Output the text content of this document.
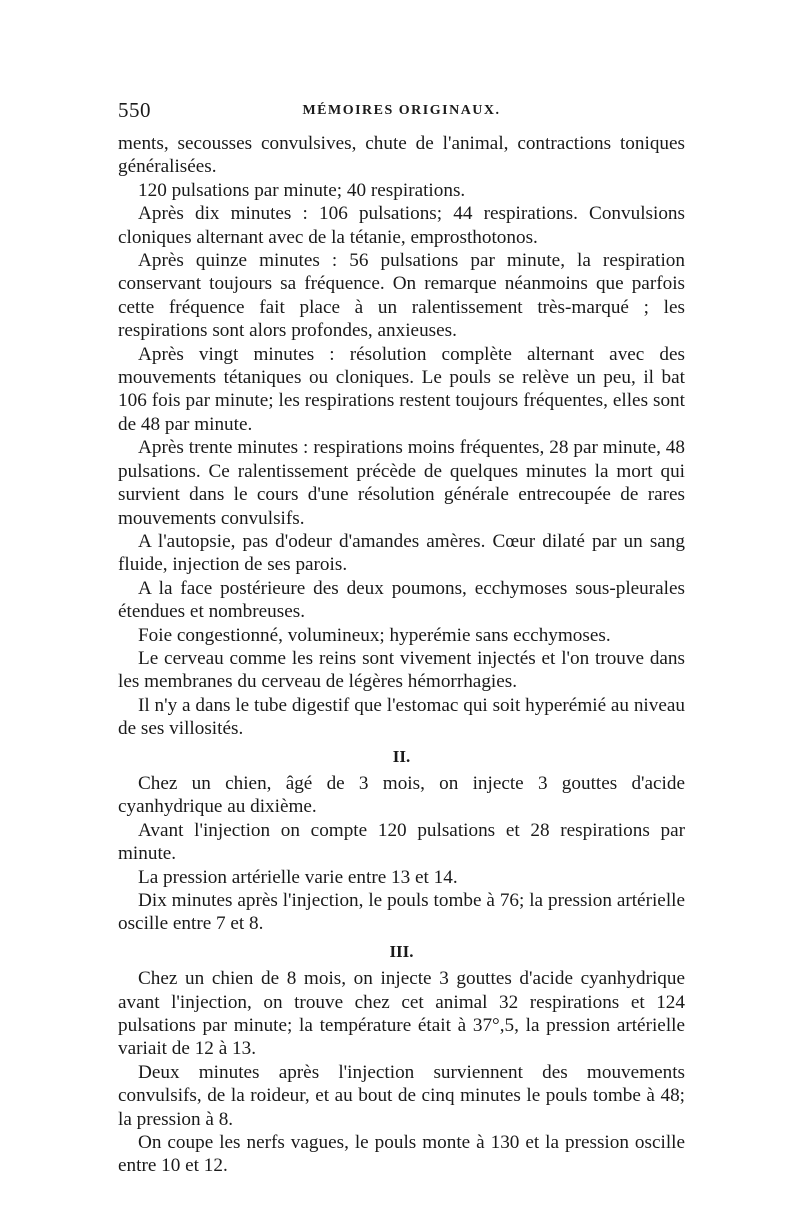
550	MÉMOIRES ORIGINAUX.

ments, secousses convulsives, chute de l'animal, contractions toniques généralisées.

120 pulsations par minute; 40 respirations.

Après dix minutes : 106 pulsations; 44 respirations. Convulsions cloniques alternant avec de la tétanie, emprosthotonos.

Après quinze minutes : 56 pulsations par minute, la respiration conservant toujours sa fréquence. On remarque néanmoins que parfois cette fréquence fait place à un ralentissement très-marqué ; les respirations sont alors profondes, anxieuses.

Après vingt minutes : résolution complète alternant avec des mouvements tétaniques ou cloniques. Le pouls se relève un peu, il bat 106 fois par minute; les respirations restent toujours fréquentes, elles sont de 48 par minute.

Après trente minutes : respirations moins fréquentes, 28 par minute, 48 pulsations. Ce ralentissement précède de quelques minutes la mort qui survient dans le cours d'une résolution générale entrecoupée de rares mouvements convulsifs.

A l'autopsie, pas d'odeur d'amandes amères. Cœur dilaté par un sang fluide, injection de ses parois.

A la face postérieure des deux poumons, ecchymoses sous-pleurales étendues et nombreuses.

Foie congestionné, volumineux; hyperémie sans ecchymoses.

Le cerveau comme les reins sont vivement injectés et l'on trouve dans les membranes du cerveau de légères hémorrhagies.

Il n'y a dans le tube digestif que l'estomac qui soit hyperémié au niveau de ses villosités.

II.

Chez un chien, âgé de 3 mois, on injecte 3 gouttes d'acide cyanhydrique au dixième.

Avant l'injection on compte 120 pulsations et 28 respirations par minute.

La pression artérielle varie entre 13 et 14.

Dix minutes après l'injection, le pouls tombe à 76; la pression artérielle oscille entre 7 et 8.

III.

Chez un chien de 8 mois, on injecte 3 gouttes d'acide cyanhydrique avant l'injection, on trouve chez cet animal 32 respirations et 124 pulsations par minute; la température était à 37°,5, la pression artérielle variait de 12 à 13.

Deux minutes après l'injection surviennent des mouvements convulsifs, de la roideur, et au bout de cinq minutes le pouls tombe à 48; la pression à 8.

On coupe les nerfs vagues, le pouls monte à 130 et la pression oscille entre 10 et 12.
